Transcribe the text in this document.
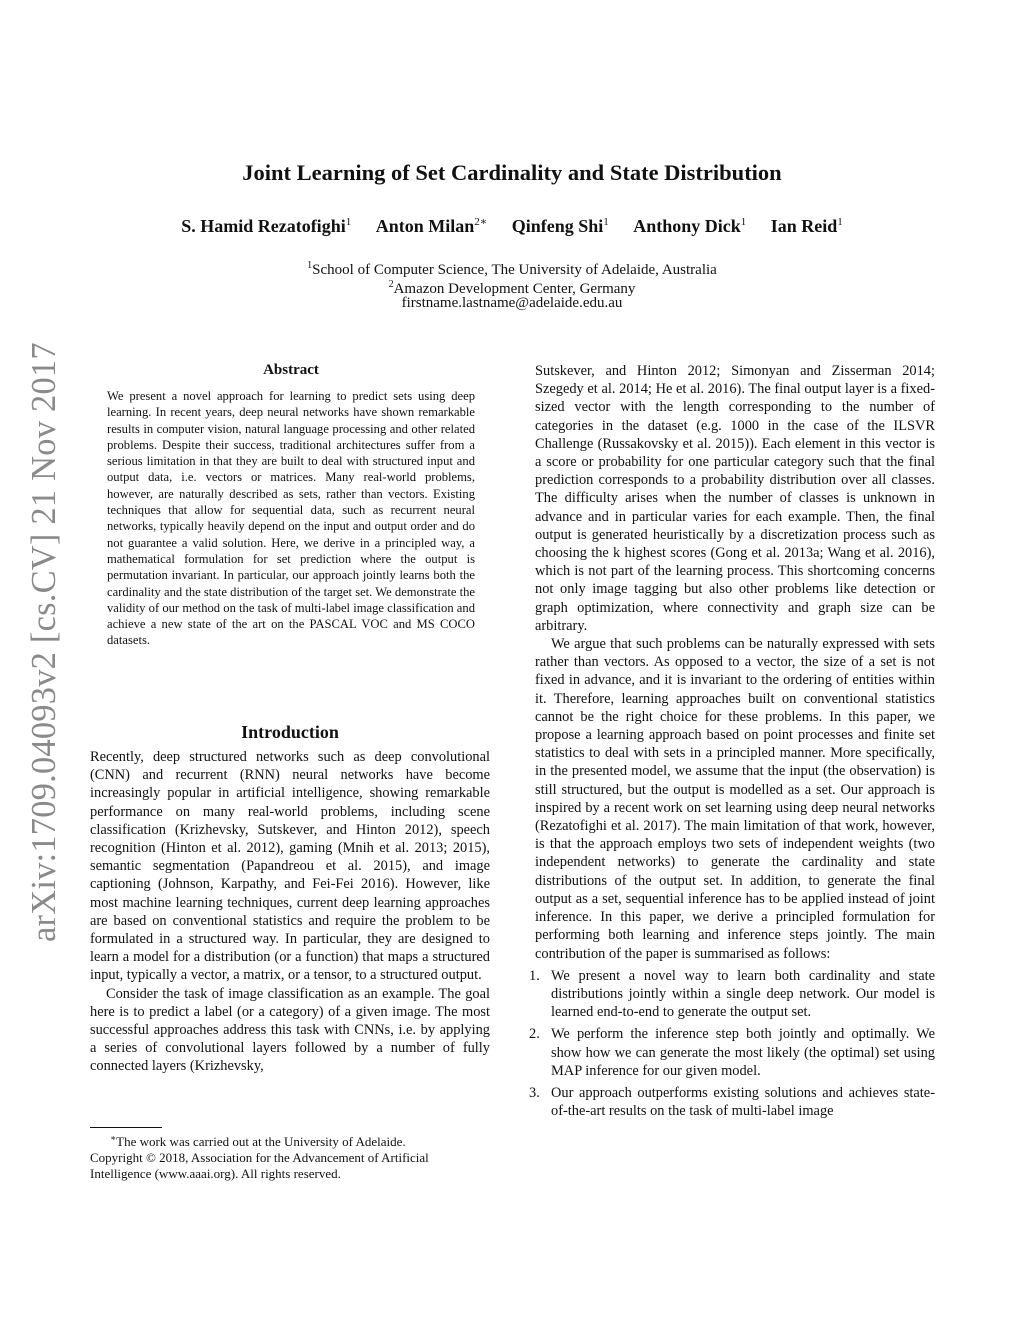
arXiv:1709.04093v2 [cs.CV] 21 Nov 2017
Joint Learning of Set Cardinality and State Distribution
S. Hamid Rezatofighi$^1$ Anton Milan$^{2∗}$ Qinfeng Shi$^1$ Anthony Dick$^1$ Ian Reid$^1$
$^1$School of Computer Science, The University of Adelaide, Australia
$^2$Amazon Development Center, Germany
firstname.lastname@adelaide.edu.au
Abstract

We present a novel approach for learning to predict sets using deep learning. In recent years, deep neural networks have shown remarkable results in computer vision, natural language processing and other related problems. Despite their success, traditional architectures suffer from a serious limitation in that they are built to deal with structured input and output data, i.e. vectors or matrices. Many real-world problems, however, are naturally described as sets, rather than vectors. Existing techniques that allow for sequential data, such as recurrent neural networks, typically heavily depend on the input and output order and do not guarantee a valid solution. Here, we derive in a principled way, a mathematical formulation for set prediction where the output is permutation invariant. In particular, our approach jointly learns both the cardinality and the state distribution of the target set. We demonstrate the validity of our method on the task of multi-label image classification and achieve a new state of the art on the PASCAL VOC and MS COCO datasets.

Introduction

Recently, deep structured networks such as deep convolutional (CNN) and recurrent (RNN) neural networks have become increasingly popular in artificial intelligence, showing remarkable performance on many real-world problems, including scene classification (Krizhevsky, Sutskever, and Hinton 2012), speech recognition (Hinton et al. 2012), gaming (Mnih et al. 2013; 2015), semantic segmentation (Papandreou et al. 2015), and image captioning (Johnson, Karpathy, and Fei-Fei 2016). However, like most machine learning techniques, current deep learning approaches are based on conventional statistics and require the problem to be formulated in a structured way. In particular, they are designed to learn a model for a distribution (or a function) that maps a structured input, typically a vector, a matrix, or a tensor, to a structured output.

Consider the task of image classification as an example. The goal here is to predict a label (or a category) of a given image. The most successful approaches address this task with CNNs, i.e. by applying a series of convolutional layers followed by a number of fully connected layers (Krizhevsky,

∗The work was carried out at the University of Adelaide.

Copyright © 2018, Association for the Advancement of Artificial

Intelligence (www.aaai.org). All rights reserved.

Sutskever, and Hinton 2012; Simonyan and Zisserman 2014; Szegedy et al. 2014; He et al. 2016). The final output layer is a fixed-sized vector with the length corresponding to the number of categories in the dataset (e.g. 1000 in the case of the ILSVR Challenge (Russakovsky et al. 2015)). Each element in this vector is a score or probability for one particular category such that the final prediction corresponds to a probability distribution over all classes. The difficulty arises when the number of classes is unknown in advance and in particular varies for each example. Then, the final output is generated heuristically by a discretization process such as choosing the k highest scores (Gong et al. 2013a; Wang et al. 2016), which is not part of the learning process. This shortcoming concerns not only image tagging but also other problems like detection or graph optimization, where connectivity and graph size can be arbitrary.

We argue that such problems can be naturally expressed with sets rather than vectors. As opposed to a vector, the size of a set is not fixed in advance, and it is invariant to the ordering of entities within it. Therefore, learning approaches built on conventional statistics cannot be the right choice for these problems. In this paper, we propose a learning approach based on point processes and finite set statistics to deal with sets in a principled manner. More specifically, in the presented model, we assume that the input (the observation) is still structured, but the output is modelled as a set. Our approach is inspired by a recent work on set learning using deep neural networks (Rezatofighi et al. 2017). The main limitation of that work, however, is that the approach employs two sets of independent weights (two independent networks) to generate the cardinality and state distributions of the output set. In addition, to generate the final output as a set, sequential inference has to be applied instead of joint inference. In this paper, we derive a principled formulation for performing both learning and inference steps jointly. The main contribution of the paper is summarised as follows:

1. We present a novel way to learn both cardinality and state distributions jointly within a single deep network. Our model is learned end-to-end to generate the output set.
2. We perform the inference step both jointly and optimally. We show how we can generate the most likely (the optimal) set using MAP inference for our given model.
3. Our approach outperforms existing solutions and achieves state-of-the-art results on the task of multi-label image
